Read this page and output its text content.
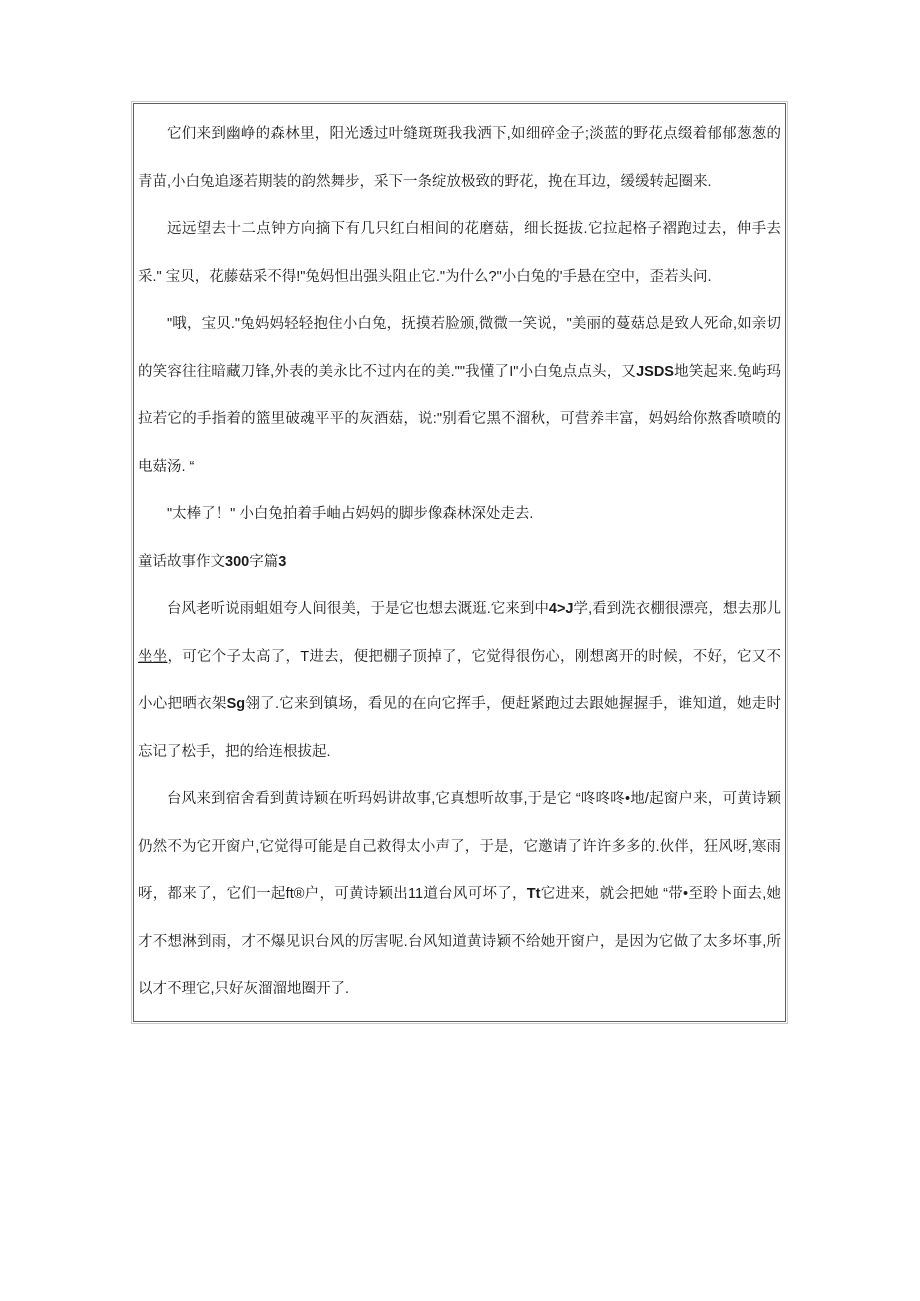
它们来到幽峥的森林里，阳光透过叶缝斑斑我我洒下,如细碎金子;淡蓝的野花点缀着郁郁葱葱的青苗,小白兔追逐若期装的韵然舞步，采下一条绽放极致的野花，挽在耳边，缓缓转起圈来.

远远望去十二点钟方向摘下有几只红白相间的花磨菇，细长挺拔.它拉起格子褶跑过去，伸手去采." 宝贝，花藤菇采不得!"兔妈怛出强头阻止它."为什么?"小白兔的'手悬在空中，歪若头问.

"哦，宝贝."兔妈妈轻轻抱住小白兔，抚摸若脸颁,微微一笑说，"美丽的蔓菇总是致人死命,如亲切的笑容往往暗藏刀锋,外表的美永比不过内在的美.""我懂了I"小白兔点点头，又JSDS地笑起来.兔屿玛拉若它的手指着的篮里破魂平平的灰酒菇，说:"别看它黑不溜秋，可营养丰富，妈妈给你熬香喷喷的电菇汤. “

"太棒了！" 小白兔拍着手岫占妈妈的脚步像森林深处走去.

童话故事作文300字篇3

台风老听说雨蛆姐夸人间很美，于是它也想去溉逛.它来到中4>J学,看到洗衣棚很漂亮，想去那儿坐坐，可它个子太高了，T进去，便把棚子顶掉了，它觉得很伤心，刚想离开的时候，不好，它又不小心把晒衣架Sg翎了.它来到镇场，看见的在向它挥手，便赶紧跑过去跟她握握手，谁知道，她走时忘记了松手，把的给连根拔起.

台风来到宿舍看到黄诗颖在听玛妈讲故事,它真想听故事,于是它 “咚咚咚•地/起窗户来，可黄诗颖仍然不为它开窗户,它觉得可能是自己救得太小声了，于是，它邀请了许许多多的.伙伴，狂风呀,寒雨呀，都来了，它们一起ft®户，可黄诗颖出11道台风可坏了，Tt它进来，就会把她 “带•至聆卜面去,她才不想淋到雨，才不爆见识台风的厉害呢.台风知道黄诗颖不给她开窗户，是因为它做了太多坏事,所以才不理它,只好灰溜溜地圈开了.
